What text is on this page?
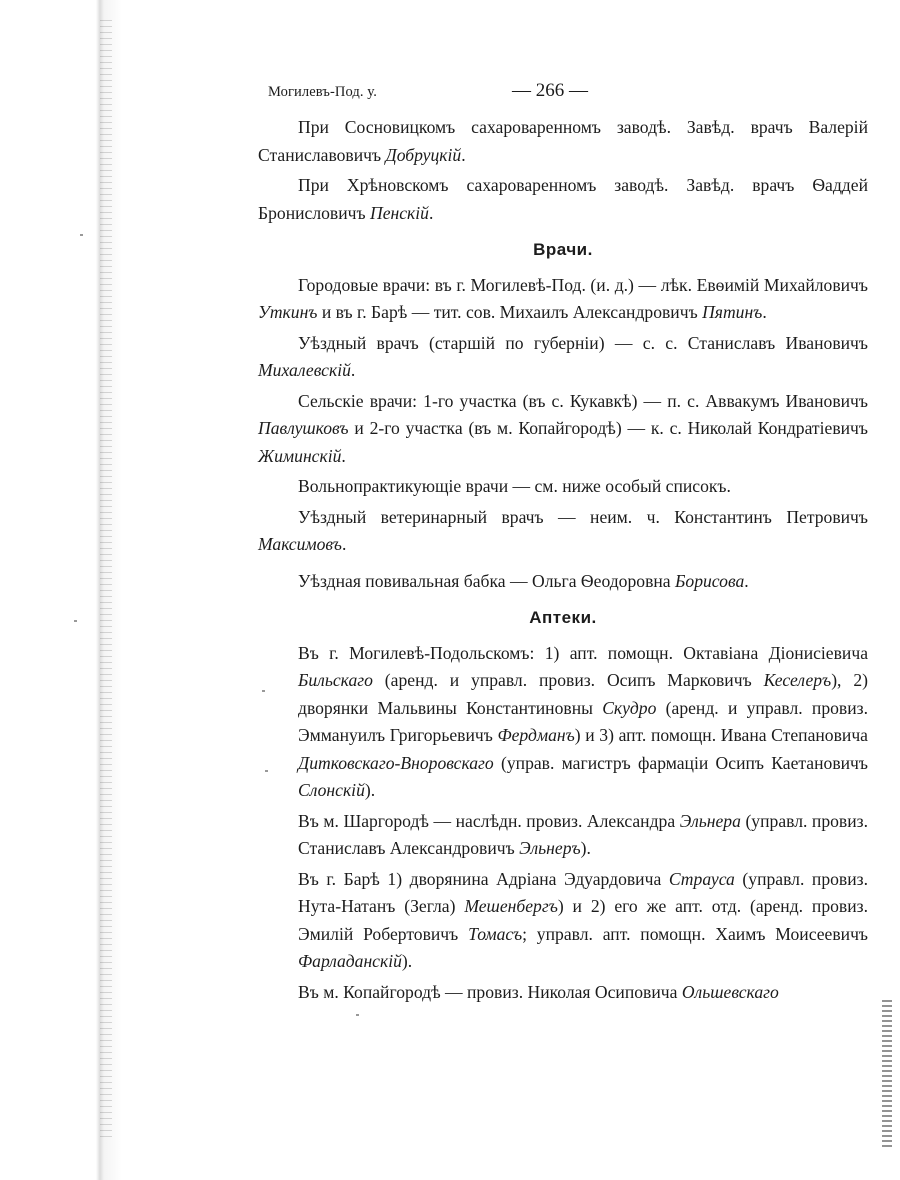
Могилевъ-Под. у.	— 266 —

При Сосновицкомъ сахароваренномъ заводѣ. Завѣд. врачъ Валерій Станиславовичъ Добруцкій.

При Хрѣновскомъ сахароваренномъ заводѣ. Завѣд. врачъ Ѳаддей Бронисловичъ Пенскій.

Врачи.

Городовые врачи: въ г. Могилевѣ-Под. (и. д.) — лѣк. Евѳимій Михайловичъ Уткинъ и въ г. Барѣ — тит. сов. Михаилъ Александровичъ Пятинъ.

Уѣздный врачъ (старшій по губерніи) — с. с. Станиславъ Ивановичъ Михалевскій.

Сельскіе врачи: 1-го участка (въ с. Кукавкѣ) — п. с. Аввакумъ Ивановичъ Павлушковъ и 2-го участка (въ м. Копайгородѣ) — к. с. Николай Кондратіевичъ Жиминскій.

Вольнопрактикующіе врачи — см. ниже особый списокъ.

Уѣздный ветеринарный врачъ — неим. ч. Константинъ Петровичъ Максимовъ.

Уѣздная повивальная бабка — Ольга Ѳеодоровна Борисова.

Аптеки.
Въ г. Могилевѣ-Подольскомъ: 1) апт. помощн. Октавіана Діонисіевича Бильскаго (аренд. и управл. провиз. Осипъ Марковичъ Кеселеръ), 2) дворянки Мальвины Константиновны Скудро (аренд. и управл. провиз. Эммануилъ Григорьевичъ Фердманъ) и 3) апт. помощн. Ивана Степановича Дитковскаго-Вноровскаго (управ. магистръ фармаціи Осипъ Каетановичъ Слонскій).
Въ м. Шаргородѣ — наслѣдн. провиз. Александра Эльнера (управл. провиз. Станиславъ Александровичъ Эльнеръ).
Въ г. Барѣ 1) дворянина Адріана Эдуардовича Страуса (управл. провиз. Нута-Натанъ (Зегла) Мешенбергъ) и 2) его же апт. отд. (аренд. провиз. Эмилій Робертовичъ Томасъ; управл. апт. помощн. Хаимъ Моисеевичъ Фарладанскій).
Въ м. Копайгородѣ — провиз. Николая Осиповича Ольшевскаго
